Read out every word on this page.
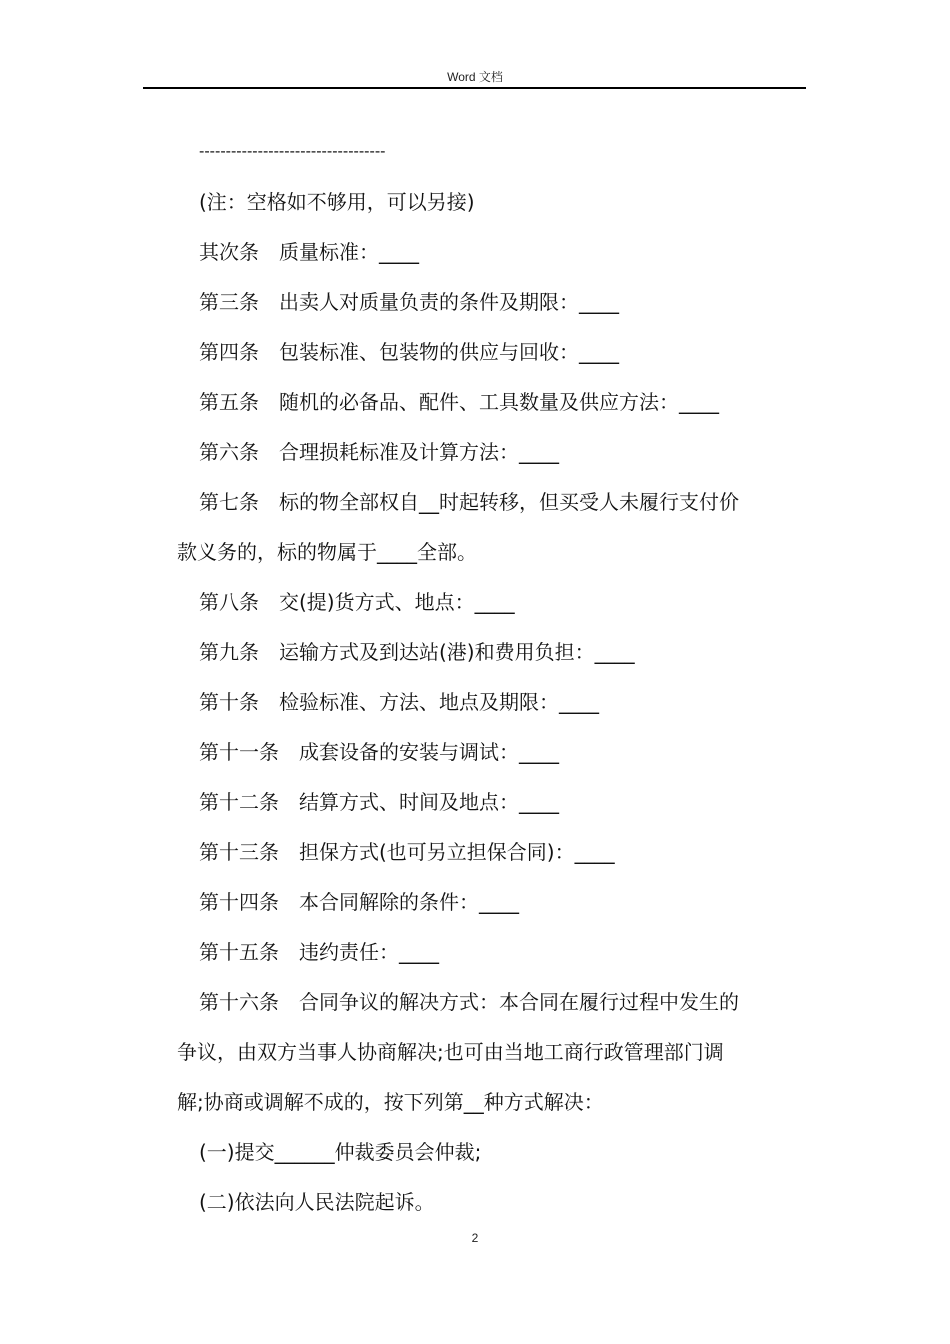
Word 文档
-----------------------------------
(注：空格如不够用，可以另接)
其次条　质量标准：____
第三条　出卖人对质量负责的条件及期限：____
第四条　包装标准、包装物的供应与回收：____
第五条　随机的必备品、配件、工具数量及供应方法：____
第六条　合理损耗标准及计算方法：____
第七条　标的物全部权自__时起转移，但买受人未履行支付价
款义务的，标的物属于____全部。
第八条　交(提)货方式、地点：____
第九条　运输方式及到达站(港)和费用负担：____
第十条　检验标准、方法、地点及期限：____
第十一条　成套设备的安装与调试：____
第十二条　结算方式、时间及地点：____
第十三条　担保方式(也可另立担保合同)：____
第十四条　本合同解除的条件：____
第十五条　违约责任：____
第十六条　合同争议的解决方式：本合同在履行过程中发生的
争议，由双方当事人协商解决;也可由当地工商行政管理部门调
解;协商或调解不成的，按下列第__种方式解决：
(一)提交______仲裁委员会仲裁;
(二)依法向人民法院起诉。
2
